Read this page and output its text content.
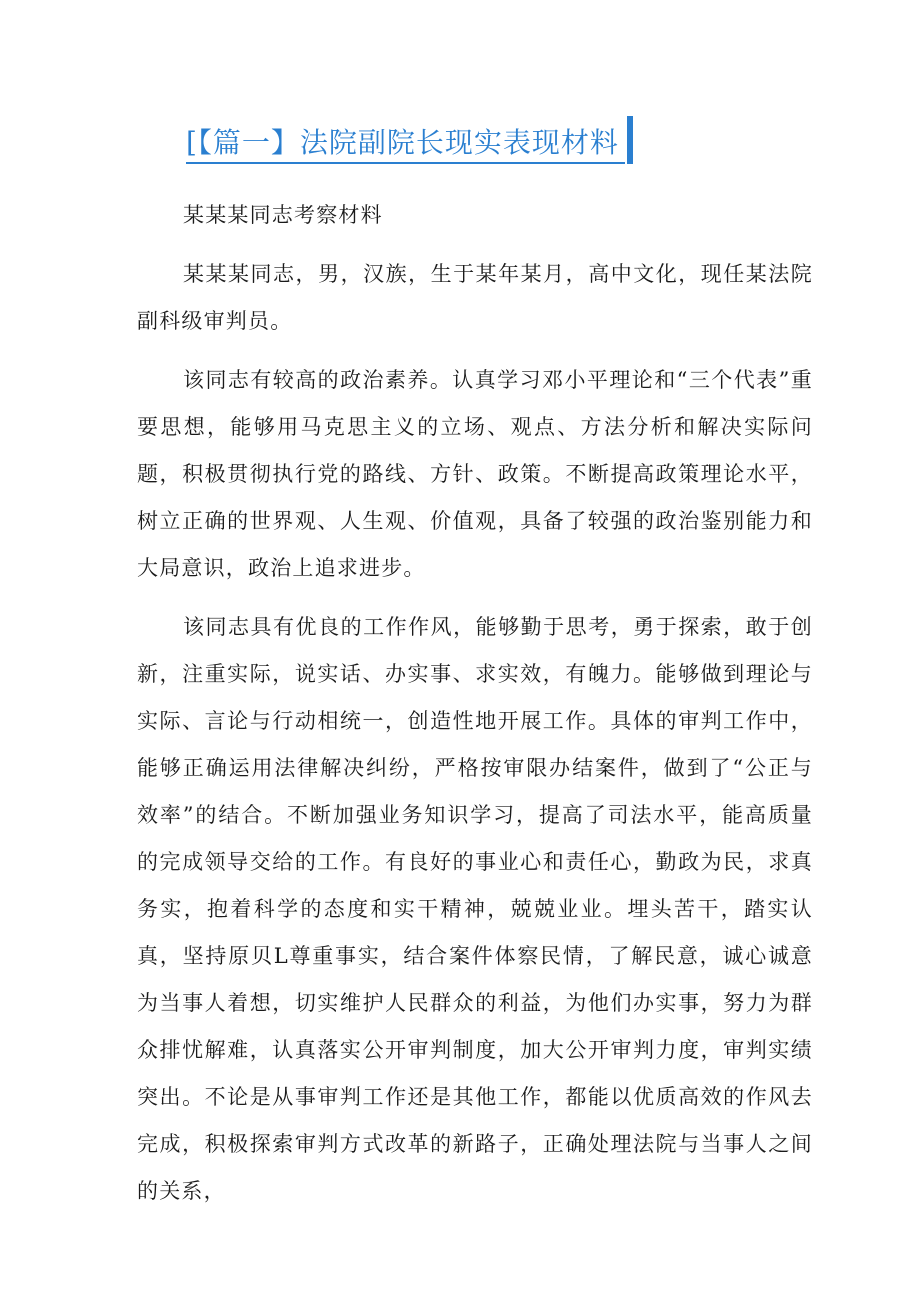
[【篇一】法院副院长现实表现材料

某某某同志考察材料

某某某同志，男，汉族，生于某年某月，高中文化，现任某法院副科级审判员。

该同志有较高的政治素养。认真学习邓小平理论和“三个代表”重要思想，能够用马克思主义的立场、观点、方法分析和解决实际问题，积极贯彻执行党的路线、方针、政策。不断提高政策理论水平，树立正确的世界观、人生观、价值观，具备了较强的政治鉴别能力和大局意识，政治上追求进步。

该同志具有优良的工作作风，能够勤于思考，勇于探索，敢于创新，注重实际，说实话、办实事、求实效，有魄力。能够做到理论与实际、言论与行动相统一，创造性地开展工作。具体的审判工作中，能够正确运用法律解决纠纷，严格按审限办结案件，做到了“公正与效率”的结合。不断加强业务知识学习，提高了司法水平，能高质量的完成领导交给的工作。有良好的事业心和责任心，勤政为民，求真务实，抱着科学的态度和实干精神，兢兢业业。埋头苦干，踏实认真，坚持原贝L尊重事实，结合案件体察民情，了解民意，诚心诚意为当事人着想，切实维护人民群众的利益，为他们办实事，努力为群众排忧解难，认真落实公开审判制度，加大公开审判力度，审判实绩突出。不论是从事审判工作还是其他工作，都能以优质高效的作风去完成，积极探索审判方式改革的新路子，正确处理法院与当事人之间的关系，
